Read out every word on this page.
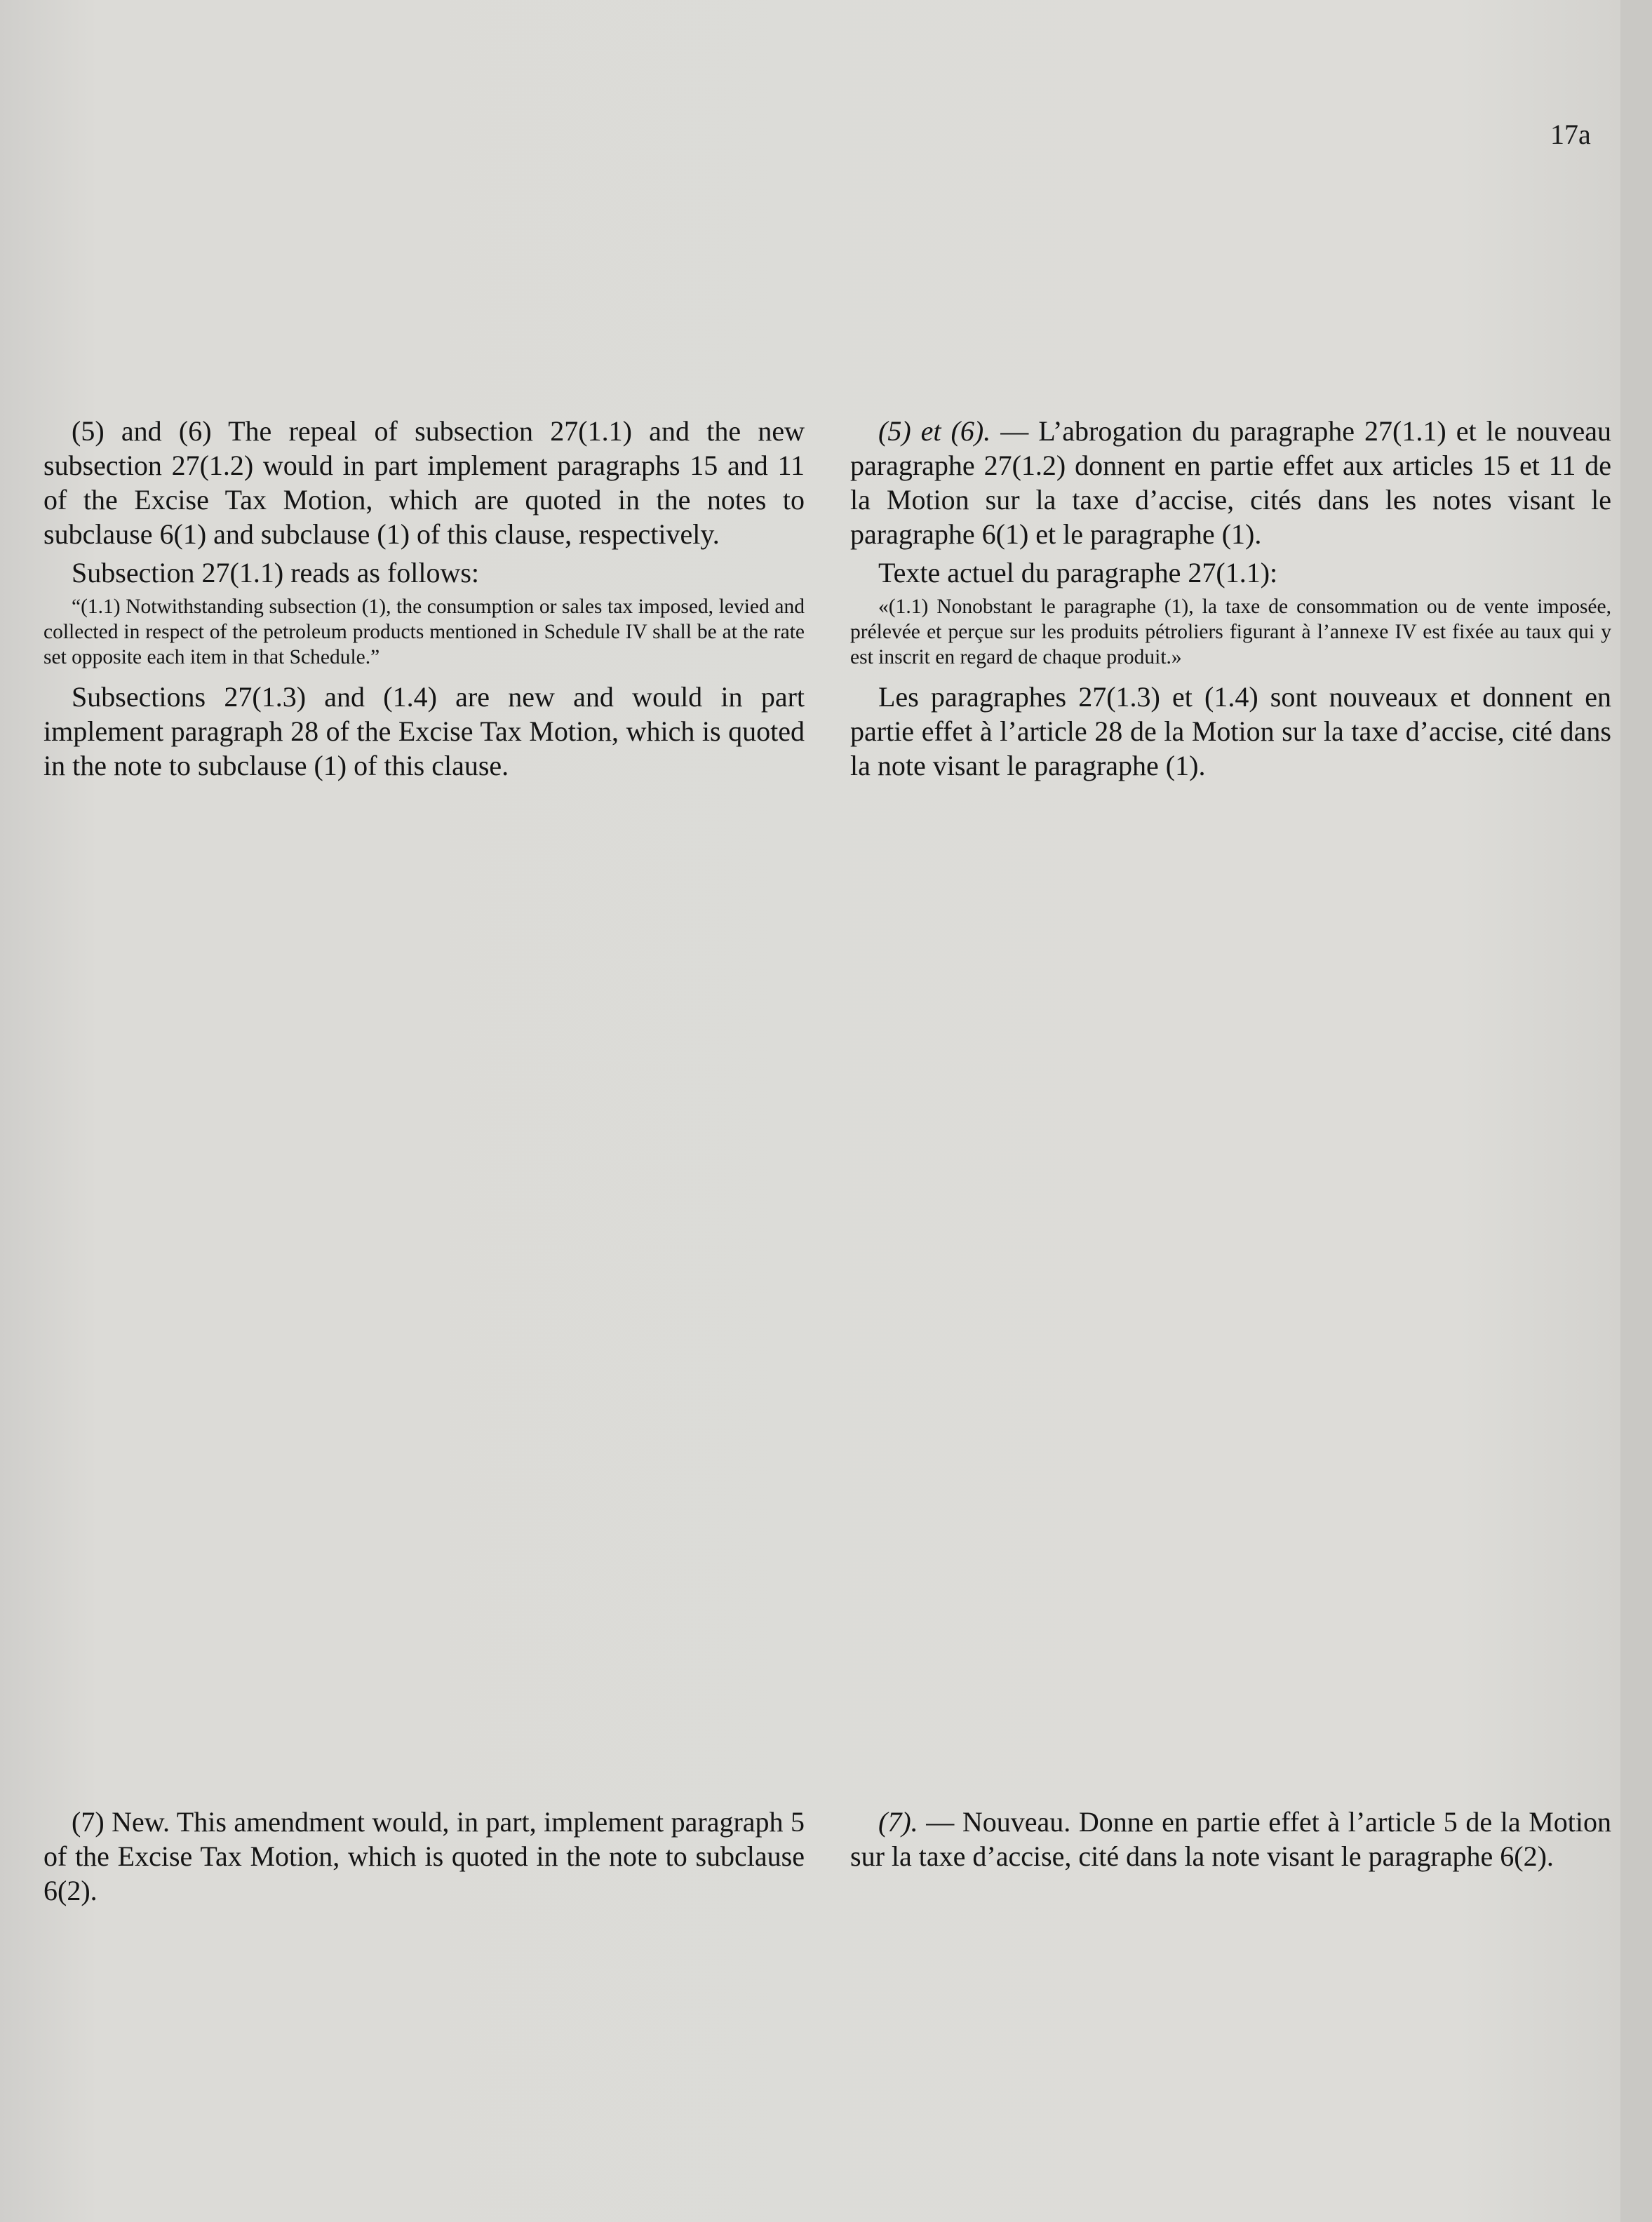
17a

(5) and (6) The repeal of subsection 27(1.1) and the new subsection 27(1.2) would in part implement paragraphs 15 and 11 of the Excise Tax Motion, which are quoted in the notes to subclause 6(1) and subclause (1) of this clause, respectively.

Subsection 27(1.1) reads as follows:

“(1.1) Notwithstanding subsection (1), the consumption or sales tax imposed, levied and collected in respect of the petroleum products mentioned in Schedule IV shall be at the rate set opposite each item in that Schedule.”

Subsections 27(1.3) and (1.4) are new and would in part implement paragraph 28 of the Excise Tax Motion, which is quoted in the note to subclause (1) of this clause.

(5) et (6). — L’abrogation du paragraphe 27(1.1) et le nouveau paragraphe 27(1.2) donnent en partie effet aux articles 15 et 11 de la Motion sur la taxe d’accise, cités dans les notes visant le paragraphe 6(1) et le paragraphe (1).

Texte actuel du paragraphe 27(1.1):

«(1.1) Nonobstant le paragraphe (1), la taxe de consommation ou de vente imposée, prélevée et perçue sur les produits pétroliers figurant à l’annexe IV est fixée au taux qui y est inscrit en regard de chaque produit.»

Les paragraphes 27(1.3) et (1.4) sont nouveaux et donnent en partie effet à l’article 28 de la Motion sur la taxe d’accise, cité dans la note visant le paragraphe (1).

(7) New. This amendment would, in part, implement paragraph 5 of the Excise Tax Motion, which is quoted in the note to subclause 6(2).

(7). — Nouveau. Donne en partie effet à l’article 5 de la Motion sur la taxe d’accise, cité dans la note visant le paragraphe 6(2).
